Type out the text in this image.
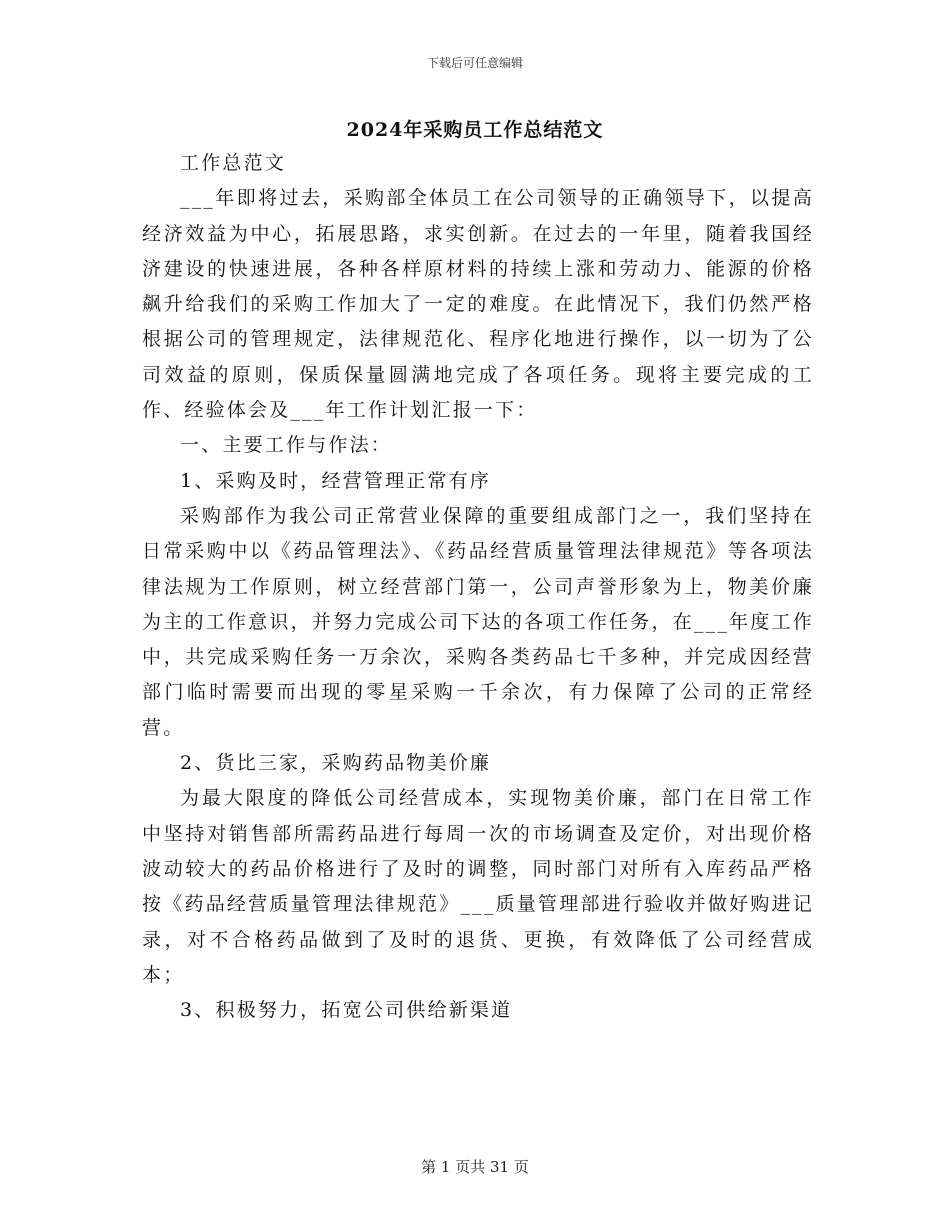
下载后可任意编辑
2024年采购员工作总结范文

工作总范文

___年即将过去，采购部全体员工在公司领导的正确领导下，以提高经济效益为中心，拓展思路，求实创新。在过去的一年里，随着我国经济建设的快速进展，各种各样原材料的持续上涨和劳动力、能源的价格飙升给我们的采购工作加大了一定的难度。在此情况下，我们仍然严格根据公司的管理规定，法律规范化、程序化地进行操作，以一切为了公司效益的原则，保质保量圆满地完成了各项任务。现将主要完成的工作、经验体会及___年工作计划汇报一下：

一、主要工作与作法：

1、采购及时，经营管理正常有序

采购部作为我公司正常营业保障的重要组成部门之一，我们坚持在日常采购中以《药品管理法》、《药品经营质量管理法律规范》等各项法律法规为工作原则，树立经营部门第一，公司声誉形象为上，物美价廉为主的工作意识，并努力完成公司下达的各项工作任务，在___年度工作中，共完成采购任务一万余次，采购各类药品七千多种，并完成因经营部门临时需要而出现的零星采购一千余次，有力保障了公司的正常经营。

2、货比三家，采购药品物美价廉

为最大限度的降低公司经营成本，实现物美价廉，部门在日常工作中坚持对销售部所需药品进行每周一次的市场调查及定价，对出现价格波动较大的药品价格进行了及时的调整，同时部门对所有入库药品严格按《药品经营质量管理法律规范》___质量管理部进行验收并做好购进记录，对不合格药品做到了及时的退货、更换，有效降低了公司经营成本；

3、积极努力，拓宽公司供给新渠道

第 1 页共 31 页
